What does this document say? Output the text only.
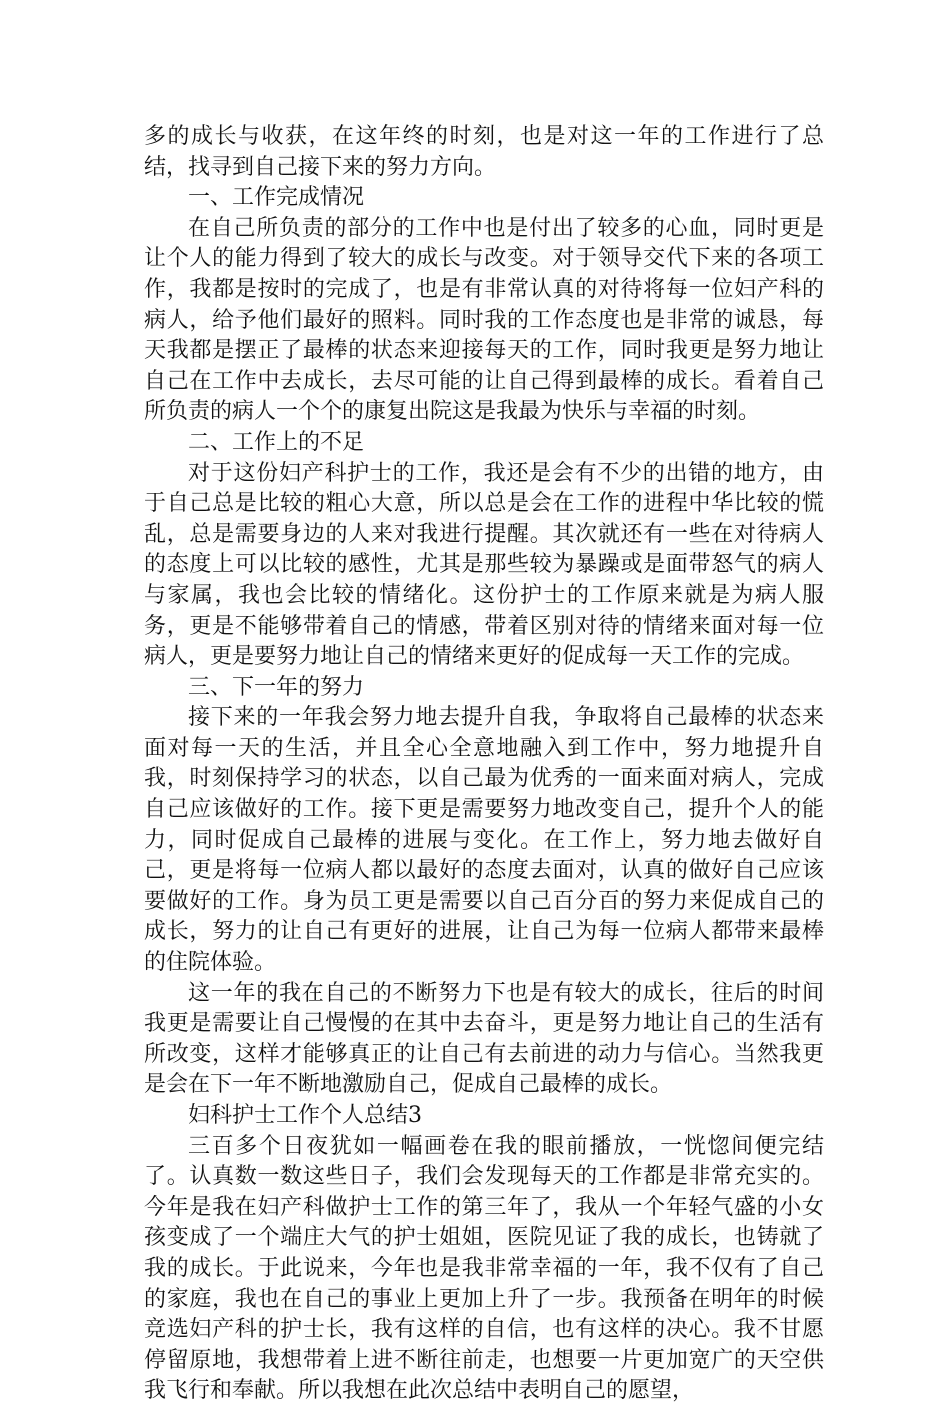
多的成长与收获，在这年终的时刻，也是对这一年的工作进行了总结，找寻到自己接下来的努力方向。

一、工作完成情况

在自己所负责的部分的工作中也是付出了较多的心血，同时更是让个人的能力得到了较大的成长与改变。对于领导交代下来的各项工作，我都是按时的完成了，也是有非常认真的对待将每一位妇产科的病人，给予他们最好的照料。同时我的工作态度也是非常的诚恳，每天我都是摆正了最棒的状态来迎接每天的工作，同时我更是努力地让自己在工作中去成长，去尽可能的让自己得到最棒的成长。看着自己所负责的病人一个个的康复出院这是我最为快乐与幸福的时刻。

二、工作上的不足

对于这份妇产科护士的工作，我还是会有不少的出错的地方，由于自己总是比较的粗心大意，所以总是会在工作的进程中华比较的慌乱，总是需要身边的人来对我进行提醒。其次就还有一些在对待病人的态度上可以比较的感性，尤其是那些较为暴躁或是面带怒气的病人与家属，我也会比较的情绪化。这份护士的工作原来就是为病人服务，更是不能够带着自己的情感，带着区别对待的情绪来面对每一位病人，更是要努力地让自己的情绪来更好的促成每一天工作的完成。

三、下一年的努力

接下来的一年我会努力地去提升自我，争取将自己最棒的状态来面对每一天的生活，并且全心全意地融入到工作中，努力地提升自我，时刻保持学习的状态，以自己最为优秀的一面来面对病人，完成自己应该做好的工作。接下更是需要努力地改变自己，提升个人的能力，同时促成自己最棒的进展与变化。在工作上，努力地去做好自己，更是将每一位病人都以最好的态度去面对，认真的做好自己应该要做好的工作。身为员工更是需要以自己百分百的努力来促成自己的成长，努力的让自己有更好的进展，让自己为每一位病人都带来最棒的住院体验。

这一年的我在自己的不断努力下也是有较大的成长，往后的时间我更是需要让自己慢慢的在其中去奋斗，更是努力地让自己的生活有所改变，这样才能够真正的让自己有去前进的动力与信心。当然我更是会在下一年不断地激励自己，促成自己最棒的成长。

妇科护士工作个人总结3

三百多个日夜犹如一幅画卷在我的眼前播放，一恍惚间便完结了。认真数一数这些日子，我们会发现每天的工作都是非常充实的。今年是我在妇产科做护士工作的第三年了，我从一个年轻气盛的小女孩变成了一个端庄大气的护士姐姐，医院见证了我的成长，也铸就了我的成长。于此说来，今年也是我非常幸福的一年，我不仅有了自己的家庭，我也在自己的事业上更加上升了一步。我预备在明年的时候竞选妇产科的护士长，我有这样的自信，也有这样的决心。我不甘愿停留原地，我想带着上进不断往前走，也想要一片更加宽广的天空供我飞行和奉献。所以我想在此次总结中表明自己的愿望，
